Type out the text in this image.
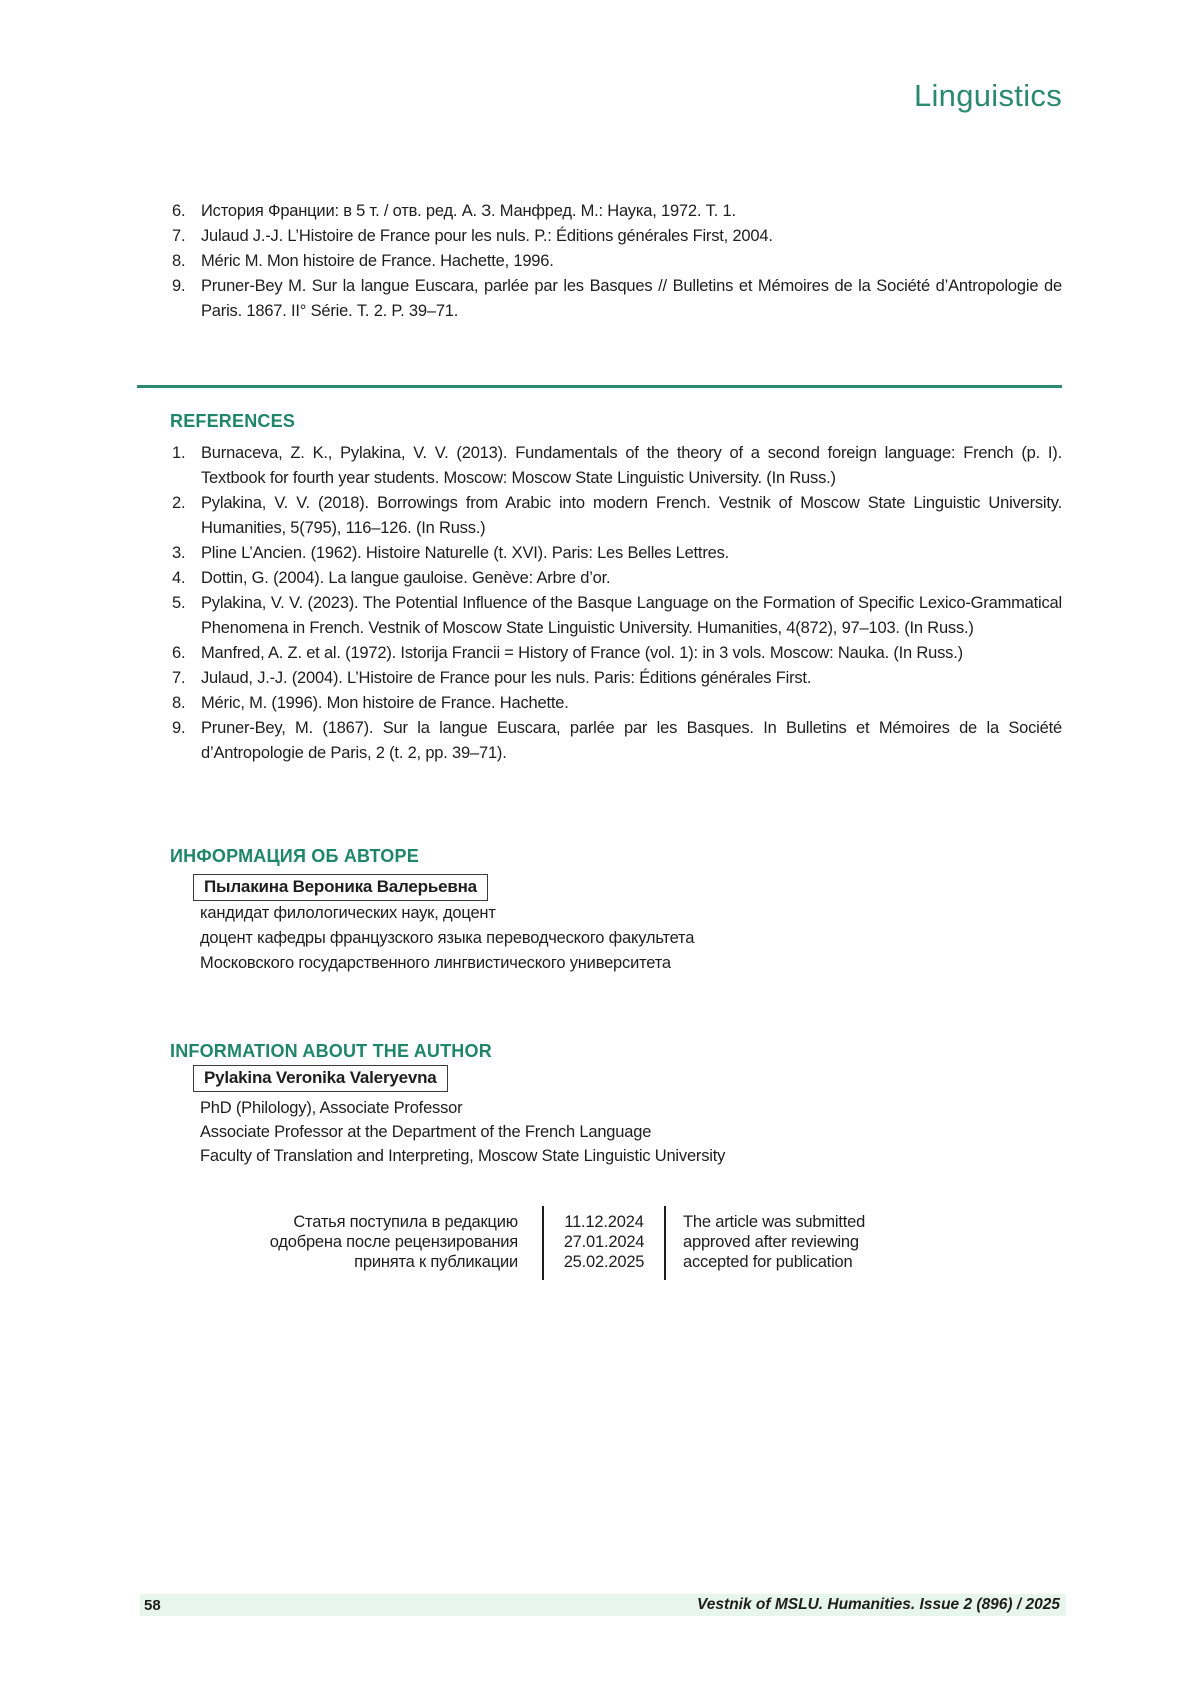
Linguistics
6. История Франции: в 5 т. / отв. ред. А. З. Манфред. М.: Наука, 1972. Т. 1.
7. Julaud J.-J. L’Histoire de France pour les nuls. P.: Éditions générales First, 2004.
8. Méric M. Mon histoire de France. Hachette, 1996.
9. Pruner-Bey M. Sur la langue Euscara, parlée par les Basques // Bulletins et Mémoires de la Société d’Antropologie de Paris. 1867. II° Série. Т. 2. P. 39–71.
REFERENCES
1. Burnaceva, Z. K., Pylakina, V. V. (2013). Fundamentals of the theory of a second foreign language: French (p. I). Textbook for fourth year students. Moscow: Moscow State Linguistic University. (In Russ.)
2. Pylakina, V. V. (2018). Borrowings from Arabic into modern French. Vestnik of Moscow State Linguistic University. Humanities, 5(795), 116–126. (In Russ.)
3. Pline L’Ancien. (1962). Histoire Naturelle (t. XVI). Paris: Les Belles Lettres.
4. Dottin, G. (2004). La langue gauloise. Genève: Arbre d’or.
5. Pylakina, V. V. (2023). The Potential Influence of the Basque Language on the Formation of Specific Lexico-Grammatical Phenomena in French. Vestnik of Moscow State Linguistic University. Humanities, 4(872), 97–103. (In Russ.)
6. Manfred, A. Z. et al. (1972). Istorija Francii = History of France (vol. 1): in 3 vols. Moscow: Nauka. (In Russ.)
7. Julaud, J.-J. (2004). L’Histoire de France pour les nuls. Paris: Éditions générales First.
8. Méric, M. (1996). Mon histoire de France. Hachette.
9. Pruner-Bey, M. (1867). Sur la langue Euscara, parlée par les Basques. In Bulletins et Mémoires de la Société d’Antropologie de Paris, 2 (t. 2, pp. 39–71).
ИНФОРМАЦИЯ ОБ АВТОРЕ
Пылакина Вероника Валерьевна
кандидат филологических наук, доцент
доцент кафедры французского языка переводческого факультета
Московского государственного лингвистического университета
INFORMATION ABOUT THE AUTHOR
Pylakina Veronika Valeryevna
PhD (Philology), Associate Professor
Associate Professor at the Department of the French Language
Faculty of Translation and Interpreting, Moscow State Linguistic University
Статья поступила в редакцию
одобрена после рецензирования
принята к публикации
11.12.2024
27.01.2024
25.02.2025
The article was submitted
approved after reviewing
accepted for publication
58	Vestnik of MSLU. Humanities. Issue 2 (896) / 2025
